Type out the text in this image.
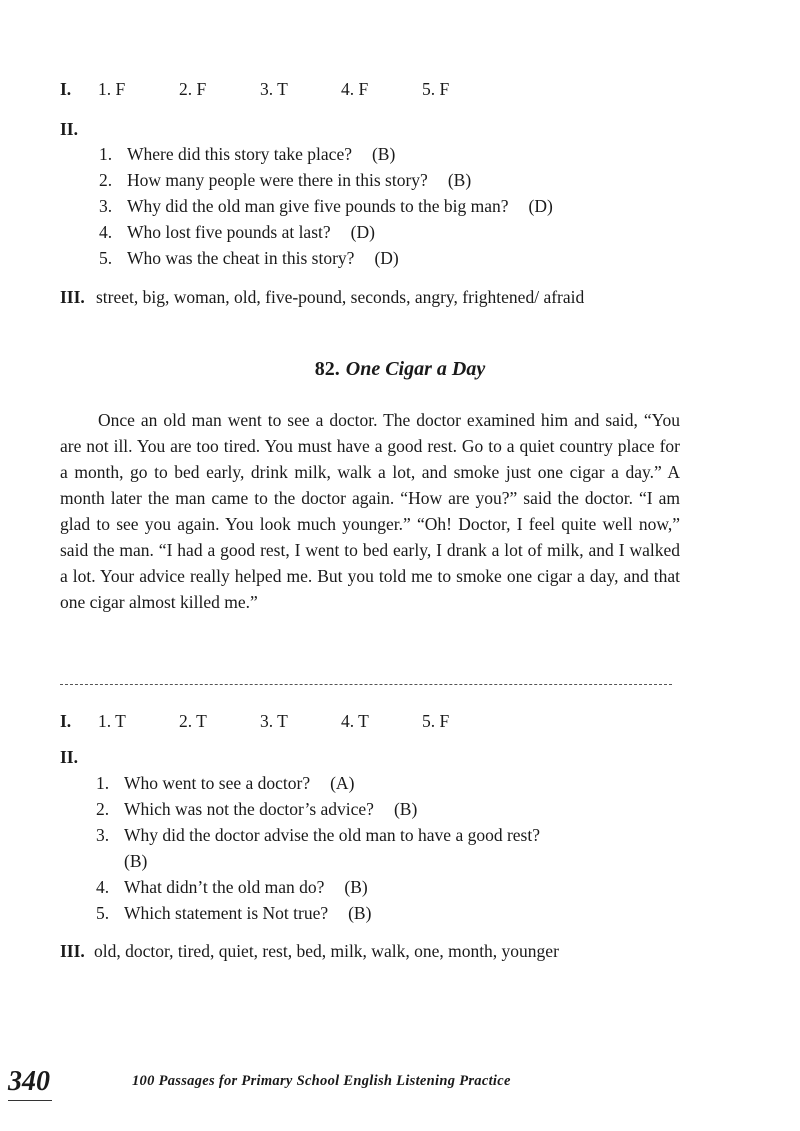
I. 1. F	2. F	3. T	4. F	5. F
II.
1. Where did this story take place? (B)
2. How many people were there in this story? (B)
3. Why did the old man give five pounds to the big man? (D)
4. Who lost five pounds at last? (D)
5. Who was the cheat in this story? (D)
III. street, big, woman, old, five-pound, seconds, angry, frightened/ afraid
82. One Cigar a Day
Once an old man went to see a doctor. The doctor examined him and said, “You are not ill. You are too tired. You must have a good rest. Go to a quiet country place for a month, go to bed early, drink milk, walk a lot, and smoke just one cigar a day.” A month later the man came to the doctor again. “How are you?” said the doctor. “I am glad to see you again. You look much younger.” “Oh! Doctor, I feel quite well now,” said the man. “I had a good rest, I went to bed early, I drank a lot of milk, and I walked a lot. Your advice really helped me. But you told me to smoke one cigar a day, and that one cigar almost killed me.”
I. 1. T	2. T	3. T	4. T	5. F
II.
1. Who went to see a doctor? (A)
2. Which was not the doctor’s advice? (B)
3. Why did the doctor advise the old man to have a good rest?
(B)
4. What didn’t the old man do? (B)
5. Which statement is Not true? (B)
III. old, doctor, tired, quiet, rest, bed, milk, walk, one, month, younger
340	100 Passages for Primary School English Listening Practice
